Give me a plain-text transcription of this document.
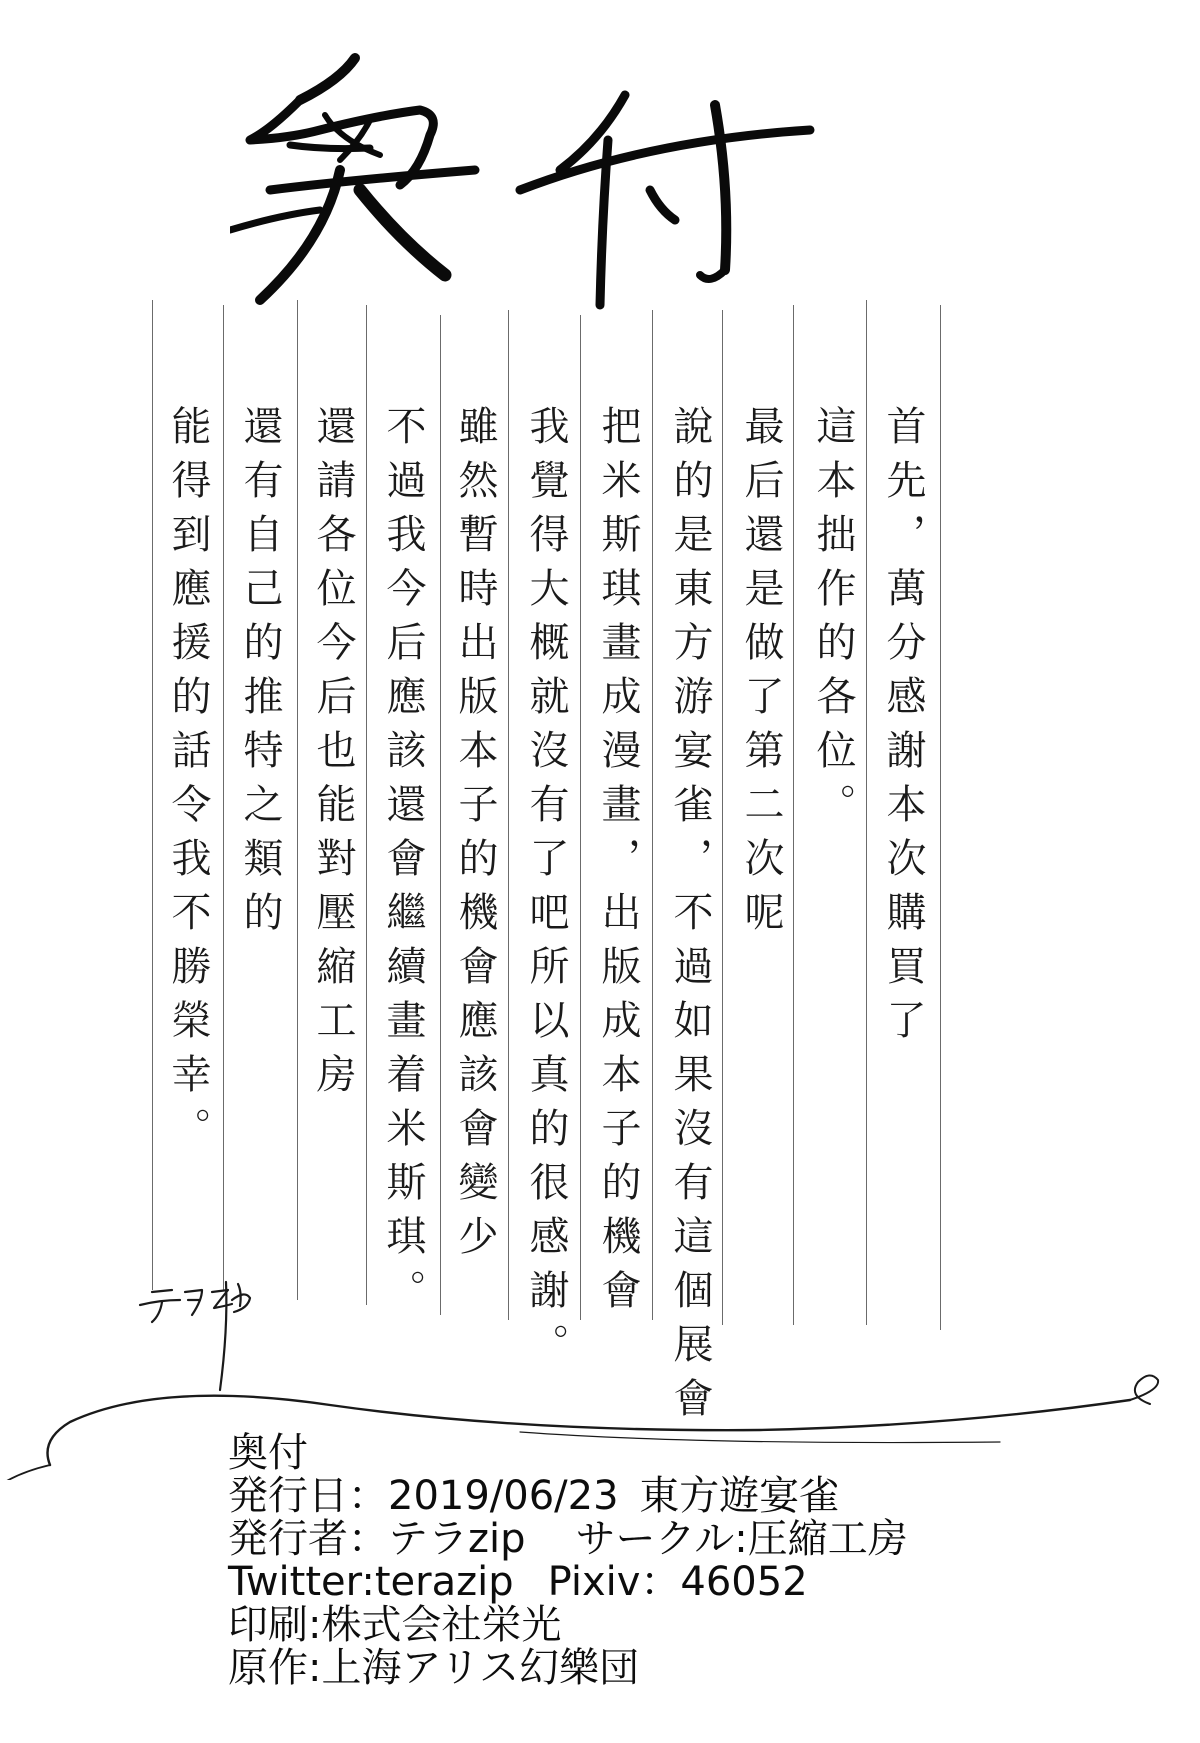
首先，萬分感謝本次購買了
這本拙作的各位。
最后還是做了第二次呢
說的是東方游宴雀，不過如果沒有這個展會
把米斯琪畫成漫畫，出版成本子的機會
我覺得大概就沒有了吧所以真的很感謝。
雖然暫時出版本子的機會應該會變少
不過我今后應該還會繼續畫着米斯琪。
還請各位今后也能對壓縮工房
還有自己的推特之類的
能得到應援的話令我不勝榮幸。
奥付
発行日：2019/06/23 東方遊宴雀
発行者：テラzip サークル:圧縮工房
Twitter:terazip Pixiv：46052
印刷:株式会社栄光
原作:上海アリス幻樂団
